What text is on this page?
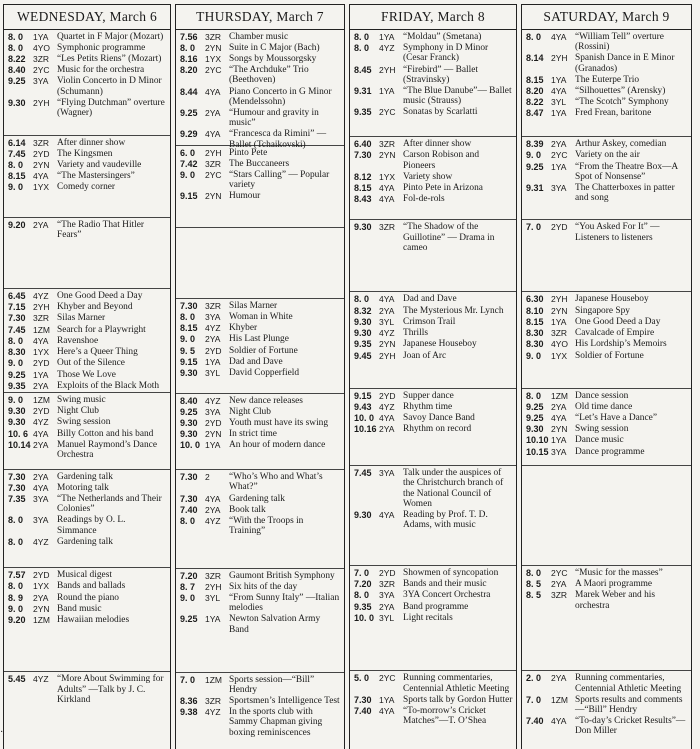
WEDNESDAY, March 6
8. 0	1YA Quartet in F Major (Mozart)
8. 0	4YO Symphonic programme
8.22 3ZR “Les Petits Riens” (Mozart)
8.40 2YC Music for the orchestra
9.25 3YA Violin Concerto in D Minor (Schumann)
9.30 2YH “Flying Dutchman” overture (Wagner)
6.14 3ZR After dinner show
7.45 2YD The Kingsmen
8. 0	2YN Variety and vaudeville
8.15 4YA “The Mastersingers”
9. 0	1YX Comedy corner
9.20 2YA “The Radio That Hitler Fears”
6.45 4YZ One Good Deed a Day
7.15 2YH Khyber and Beyond
7.30 3ZR Silas Marner
7.45 1ZM Search for a Playwright
8. 0	4YA Ravenshoe
8.30 1YX Here’s a Queer Thing
9. 0	2YD Out of the Silence
9.25 1YA Those We Love
9.35 2YA Exploits of the Black Moth
9. 0	1ZM Swing music
9.30 2YD Night Club
9.30 4YZ Swing session
10. 6 4YA Billy Cotton and his band
10.14 2YA Manuel Raymond’s Dance Orchestra
7.30 2YA Gardening talk
7.30 4YA Motoring talk
7.35 3YA “The Netherlands and Their Colonies”
8. 0	3YA Readings by O. L. Simmance
8. 0	4YZ Gardening talk
7.57 2YD Musical digest
8. 0	1YX Bands and ballads
8. 9	2YA Round the piano
9. 0	2YN Band music
9.20 1ZM Hawaiian melodies
5.45 4YZ “More About Swimming for Adults” —Talk by J. C. Kirkland
THURSDAY, March 7
7.56 3ZR Chamber music
8. 0	2YN Suite in C Major (Bach)
8.16 1YX Songs by Moussorgsky
8.20 2YC “The Archduke” Trio (Beethoven)
8.44 4YA Piano Concerto in G Minor (Mendelssohn)
9.25 2YA “Humour and gravity in music”
9.29 4YA “Francesca da Rimini” —Ballet (Tchaikovski)
6. 0	2YH Pinto Pete
7.42 3ZR The Buccaneers
9. 0	2YC “Stars Calling” — Popular variety
9.15 2YN Humour
7.30 3ZR Silas Marner
8. 0	3YA Woman in White
8.15 4YZ Khyber
9. 0	2YA His Last Plunge
9. 5	2YD Soldier of Fortune
9.15 1YA Dad and Dave
9.30 3YL David Copperfield
8.40 4YZ New dance releases
9.25 3YA Night Club
9.30 2YD Youth must have its swing
9.30 2YN In strict time
10. 0 1YA An hour of modern dance
7.30 2	“Who’s Who and What’s What?”
7.30 4YA Gardening talk
7.40 2YA Book talk
8. 0	4YZ “With the Troops in Training”
7.20 3ZR Gaumont British Symphony
8. 7	2YH Six hits of the day
9. 0	3YL “From Sunny Italy” —Italian melodies
9.25 1YA Newton Salvation Army Band
7. 0	1ZM Sports session—“Bill” Hendry
8.36 3ZR Sportsmen’s Intelligence Test
9.38 4YZ In the sports club with Sammy Chapman giving boxing reminiscences
FRIDAY, March 8
8. 0	1YA “Moldau” (Smetana)
8. 0	4YZ Symphony in D Minor (Cesar Franck)
8.45 2YH “Firebird” — Ballet (Stravinsky)
9.31 1YA “The Blue Danube”— Ballet music (Strauss)
9.35 2YC Sonatas by Scarlatti
6.40 3ZR After dinner show
7.30 2YN Carson Robison and Pioneers
8.12 1YX Variety show
8.15 4YA Pinto Pete in Arizona
8.43 4YA Fol-de-rols
9.30 3ZR “The Shadow of the Guillotine” — Drama in cameo
8. 0	4YA Dad and Dave
8.32 2YA The Mysterious Mr. Lynch
9.30 3YL Crimson Trail
9.30 4YZ Thrills
9.35 2YN Japanese Houseboy
9.45 2YH Joan of Arc
9.15 2YD Supper dance
9.43 4YZ Rhythm time
10. 0 4YA Savoy Dance Band
10.16 2YA Rhythm on record
7.45 3YA Talk under the auspices of the Christchurch branch of the National Council of Women
9.30 4YA Reading by Prof. T. D. Adams, with music
7. 0	2YD Showmen of syncopation
7.20 3ZR Bands and their music
8. 0	3YA 3YA Concert Orchestra
9.35 2YA Band programme
10. 0 3YL Light recitals
5. 0	2YC Running commentaries, Centennial Athletic Meeting
7.30 1YA Sports talk by Gordon Hutter
7.40 4YA “To-morrow’s Cricket Matches”—T. O’Shea
SATURDAY, March 9
8. 0	4YA “William Tell” overture (Rossini)
8.14 2YH Spanish Dance in E Minor (Granados)
8.15 1YA The Euterpe Trio
8.20 4YA “Silhouettes” (Arensky)
8.22 3YL “The Scotch” Symphony
8.47 1YA Fred Frean, baritone
8.39 2YA Arthur Askey, comedian
9. 0	2YC Variety on the air
9.25 1YA “From the Theatre Box—A Spot of Nonsense”
9.31 3YA The Chatterboxes in patter and song
7. 0	2YD “You Asked For It” —Listeners to listeners
6.30 2YH Japanese Houseboy
8.10 2YN Singapore Spy
8.15 1YA One Good Deed a Day
8.30 3ZR Cavalcade of Empire
8.30 4YO His Lordship’s Memoirs
9. 0	1YX Soldier of Fortune
8. 0	1ZM Dance session
9.25 2YA Old time dance
9.25 4YA “Let’s Have a Dance”
9.30 2YN Swing session
10.10 1YA Dance music
10.15 3YA Dance programme
8. 0	2YC “Music for the masses”
8. 5	2YA A Maori programme
8. 5	3ZR Marek Weber and his orchestra
2. 0	2YA Running commentaries, Centennial Athletic Meeting
7. 0	1ZM Sports results and comments—“Bill” Hendry
7.40 4YA “To-day’s Cricket Results”—Don Miller
·
